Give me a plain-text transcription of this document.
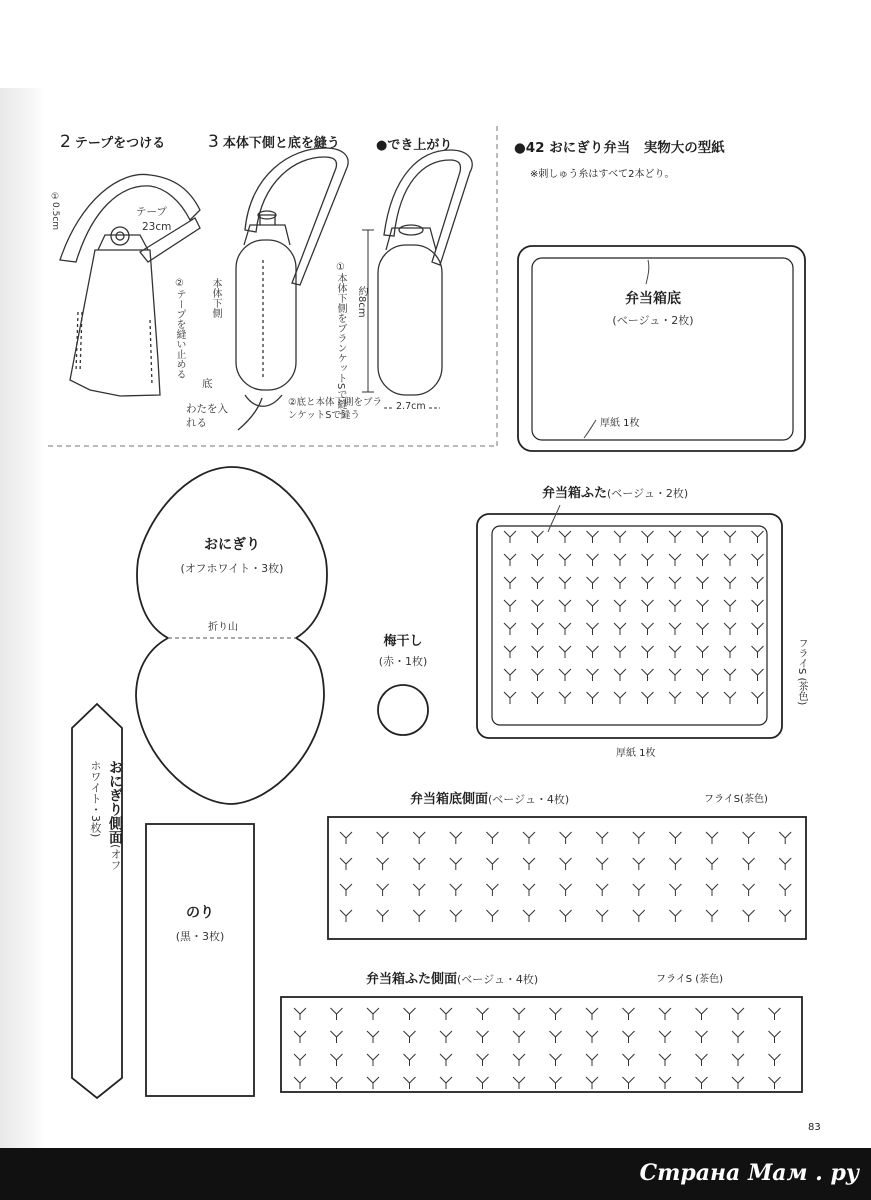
2 テープをつける	3 本体下側と底を縫う	●でき上がり
テープ
23cm
①0.5cm
②テープを縫い止める	本体下側	①本体下側をブランケットSで縫う
底
わたを入れる
②底と本体下側をブランケットSで縫う
約8cm
2.7cm
●42 おにぎり弁当　実物大の型紙
※刺しゅう糸はすべて2本どり。
弁当箱底
(ベージュ・2枚)
厚紙 1枚
弁当箱ふた(ベージュ・2枚)
厚紙 1枚
フライS (茶色)
おにぎり
(オフホワイト・3枚)
折り山
梅干し
(赤・1枚)
おにぎり側面(オフホワイト・3枚)
のり
(黒・3枚)
弁当箱底側面(ベージュ・4枚)	フライS(茶色)
弁当箱ふた側面(ベージュ・4枚)	フライS (茶色)
83
Страна Мам . ру
